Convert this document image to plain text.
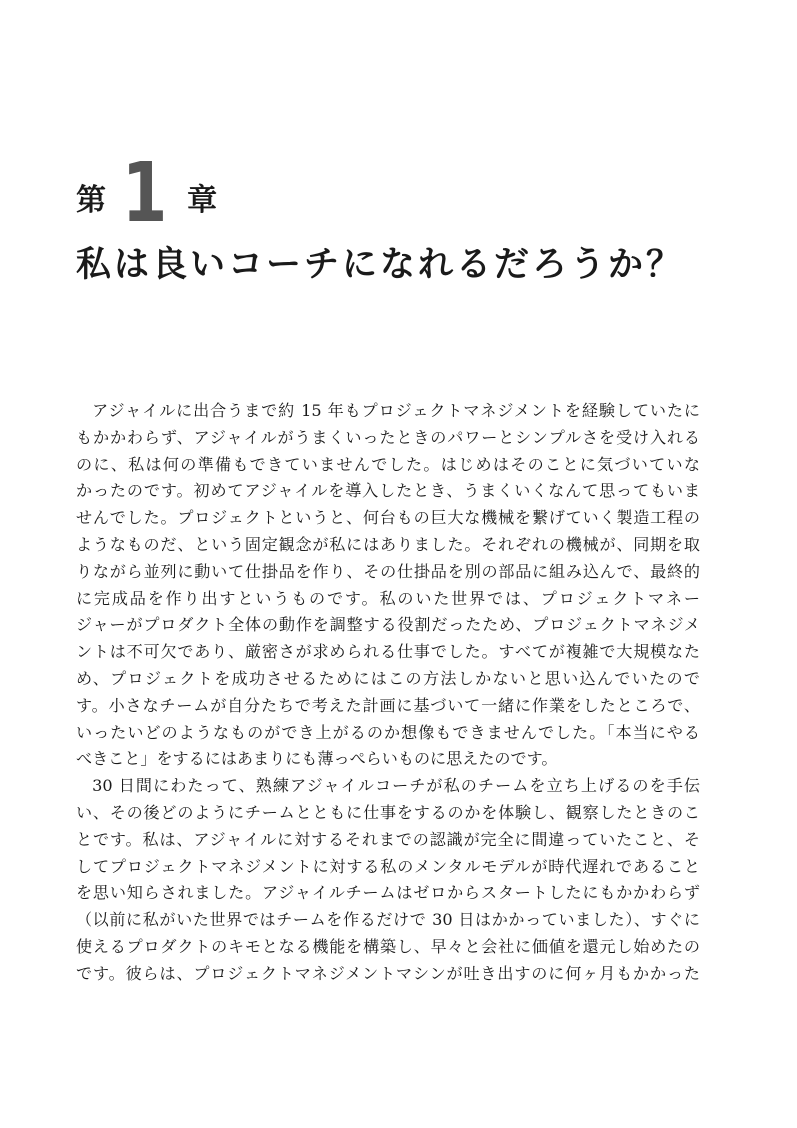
第 1 章
私は良いコーチになれるだろうか？
アジャイルに出合うまで約 15 年もプロジェクトマネジメントを経験していたに
もかかわらず、アジャイルがうまくいったときのパワーとシンプルさを受け入れる
のに、私は何の準備もできていませんでした。はじめはそのことに気づいていな
かったのです。初めてアジャイルを導入したとき、うまくいくなんて思ってもいま
せんでした。プロジェクトというと、何台もの巨大な機械を繋げていく製造工程の
ようなものだ、という固定観念が私にはありました。それぞれの機械が、同期を取
りながら並列に動いて仕掛品を作り、その仕掛品を別の部品に組み込んで、最終的
に完成品を作り出すというものです。私のいた世界では、プロジェクトマネー
ジャーがプロダクト全体の動作を調整する役割だったため、プロジェクトマネジメ
ントは不可欠であり、厳密さが求められる仕事でした。すべてが複雑で大規模なた
め、プロジェクトを成功させるためにはこの方法しかないと思い込んでいたので
す。小さなチームが自分たちで考えた計画に基づいて一緒に作業をしたところで、
いったいどのようなものができ上がるのか想像もできませんでした。「本当にやる
べきこと」をするにはあまりにも薄っぺらいものに思えたのです。
30 日間にわたって、熟練アジャイルコーチが私のチームを立ち上げるのを手伝
い、その後どのようにチームとともに仕事をするのかを体験し、観察したときのこ
とです。私は、アジャイルに対するそれまでの認識が完全に間違っていたこと、そ
してプロジェクトマネジメントに対する私のメンタルモデルが時代遅れであること
を思い知らされました。アジャイルチームはゼロからスタートしたにもかかわらず
（以前に私がいた世界ではチームを作るだけで 30 日はかかっていました）、すぐに
使えるプロダクトのキモとなる機能を構築し、早々と会社に価値を還元し始めたの
です。彼らは、プロジェクトマネジメントマシンが吐き出すのに何ヶ月もかかった
